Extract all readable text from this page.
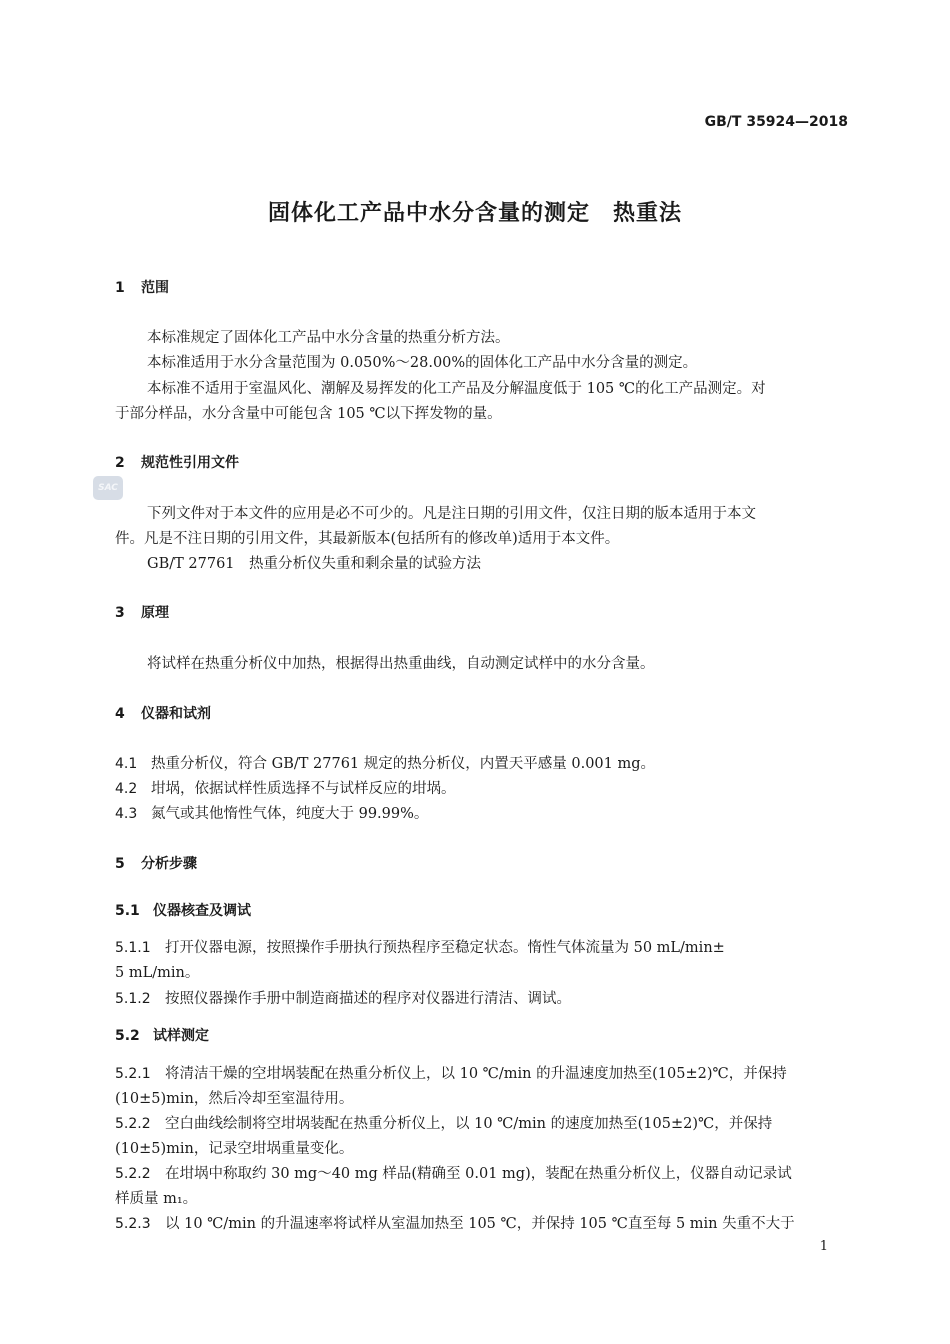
GB/T 35924—2018
固体化工产品中水分含量的测定　热重法
1 范围
本标准规定了固体化工产品中水分含量的热重分析方法。
本标准适用于水分含量范围为 0.050%～28.00%的固体化工产品中水分含量的测定。
本标准不适用于室温风化、潮解及易挥发的化工产品及分解温度低于 105 ℃的化工产品测定。对
于部分样品，水分含量中可能包含 105 ℃以下挥发物的量。
2 规范性引用文件
SAC
下列文件对于本文件的应用是必不可少的。凡是注日期的引用文件，仅注日期的版本适用于本文
件。凡是不注日期的引用文件，其最新版本(包括所有的修改单)适用于本文件。
GB/T 27761　热重分析仪失重和剩余量的试验方法
3 原理
将试样在热重分析仪中加热，根据得出热重曲线，自动测定试样中的水分含量。
4 仪器和试剂
4.1 热重分析仪，符合 GB/T 27761 规定的热分析仪，内置天平感量 0.001 mg。
4.2 坩埚，依据试样性质选择不与试样反应的坩埚。
4.3 氮气或其他惰性气体，纯度大于 99.99%。
5 分析步骤
5.1 仪器核查及调试
5.1.1 打开仪器电源，按照操作手册执行预热程序至稳定状态。惰性气体流量为 50 mL/min±
5 mL/min。
5.1.2 按照仪器操作手册中制造商描述的程序对仪器进行清洁、调试。
5.2 试样测定
5.2.1 将清洁干燥的空坩埚装配在热重分析仪上，以 10 ℃/min 的升温速度加热至(105±2)℃，并保持
(10±5)min，然后冷却至室温待用。
5.2.2 空白曲线绘制将空坩埚装配在热重分析仪上，以 10 ℃/min 的速度加热至(105±2)℃，并保持
(10±5)min，记录空坩埚重量变化。
5.2.2 在坩埚中称取约 30 mg～40 mg 样品(精确至 0.01 mg)，装配在热重分析仪上，仪器自动记录试
样质量 m₁。
5.2.3 以 10 ℃/min 的升温速率将试样从室温加热至 105 ℃，并保持 105 ℃直至每 5 min 失重不大于
1
